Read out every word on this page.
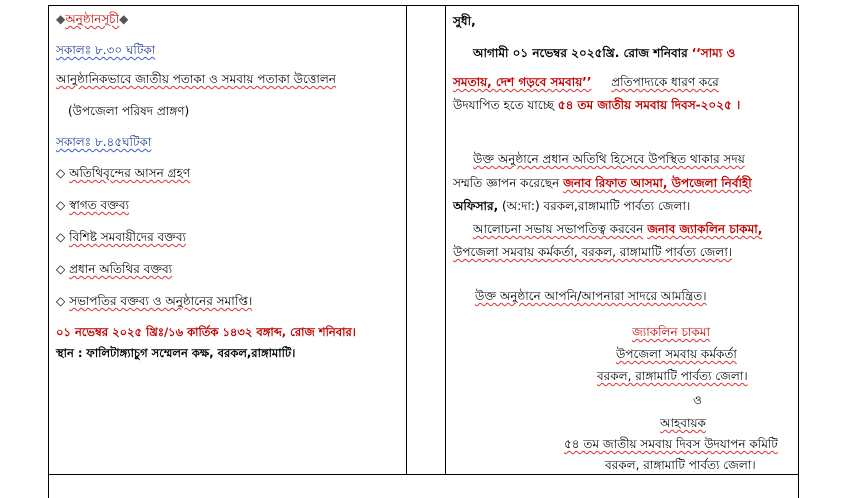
◆অনুষ্ঠানসূচী◆
সকালঃ ৮.৩০ ঘটিকা
আনুষ্ঠানিকভাবে জাতীয় পতাকা ও সমবায় পতাকা উত্তোলন
(উপজেলা পরিষদ প্রাঙ্গণ)
সকালঃ ৮.৪৫ঘটিকা
◇ অতিথিবৃন্দের আসন গ্রহণ
◇ স্বাগত বক্তব্য
◇ বিশিষ্ট সমবায়ীদের বক্তব্য
◇ প্রধান অতিথির বক্তব্য
◇ সভাপতির বক্তব্য ও অনুষ্ঠানের সমাপ্তি।
০১ নভেম্বর ২০২৫ খ্রিঃ/১৬ কার্তিক ১৪৩২ বঙ্গাব্দ, রোজ শনিবার।
স্থান : ফালিটাঙ্গ্যাচুগ সম্মেলন কক্ষ, বরকল,রাঙ্গামাটি।
সুধী,
আগামী ০১ নভেম্বর ২০২৫খ্রি. রোজ শনিবার ‘‘সাম্য ও
সমতায়, দেশ গড়বে সমবায়’’ প্রতিপাদ্যকে ধারণ করে
উদযাপিত হতে যাচ্ছে ৫৪ তম জাতীয় সমবায় দিবস-২০২৫ ।
উক্ত অনুষ্ঠানে প্রধান অতিথি হিসেবে উপস্থিত থাকার সদয়
সম্মতি জ্ঞাপন করেছেন জনাব রিফাত আসমা, উপজেলা নির্বাহী
অফিসার, (অ:দা:) বরকল,রাঙ্গামাটি পার্বত্য জেলা।
আলোচনা সভায় সভাপতিত্ব করবেন জনাব জ্যাকলিন চাকমা,
উপজেলা সমবায় কর্মকর্তা, বরকল, রাঙ্গামাটি পার্বত্য জেলা।
উক্ত অনুষ্ঠানে আপনি/আপনারা সাদরে আমন্ত্রিত।
জ্যাকলিন চাকমা
উপজেলা সমবায় কর্মকর্তা
বরকল, রাঙ্গামাটি পার্বত্য জেলা।
ও
আহবায়ক
৫৪ তম জাতীয় সমবায় দিবস উদযাপন কমিটি
বরকল, রাঙ্গামাটি পার্বত্য জেলা।
